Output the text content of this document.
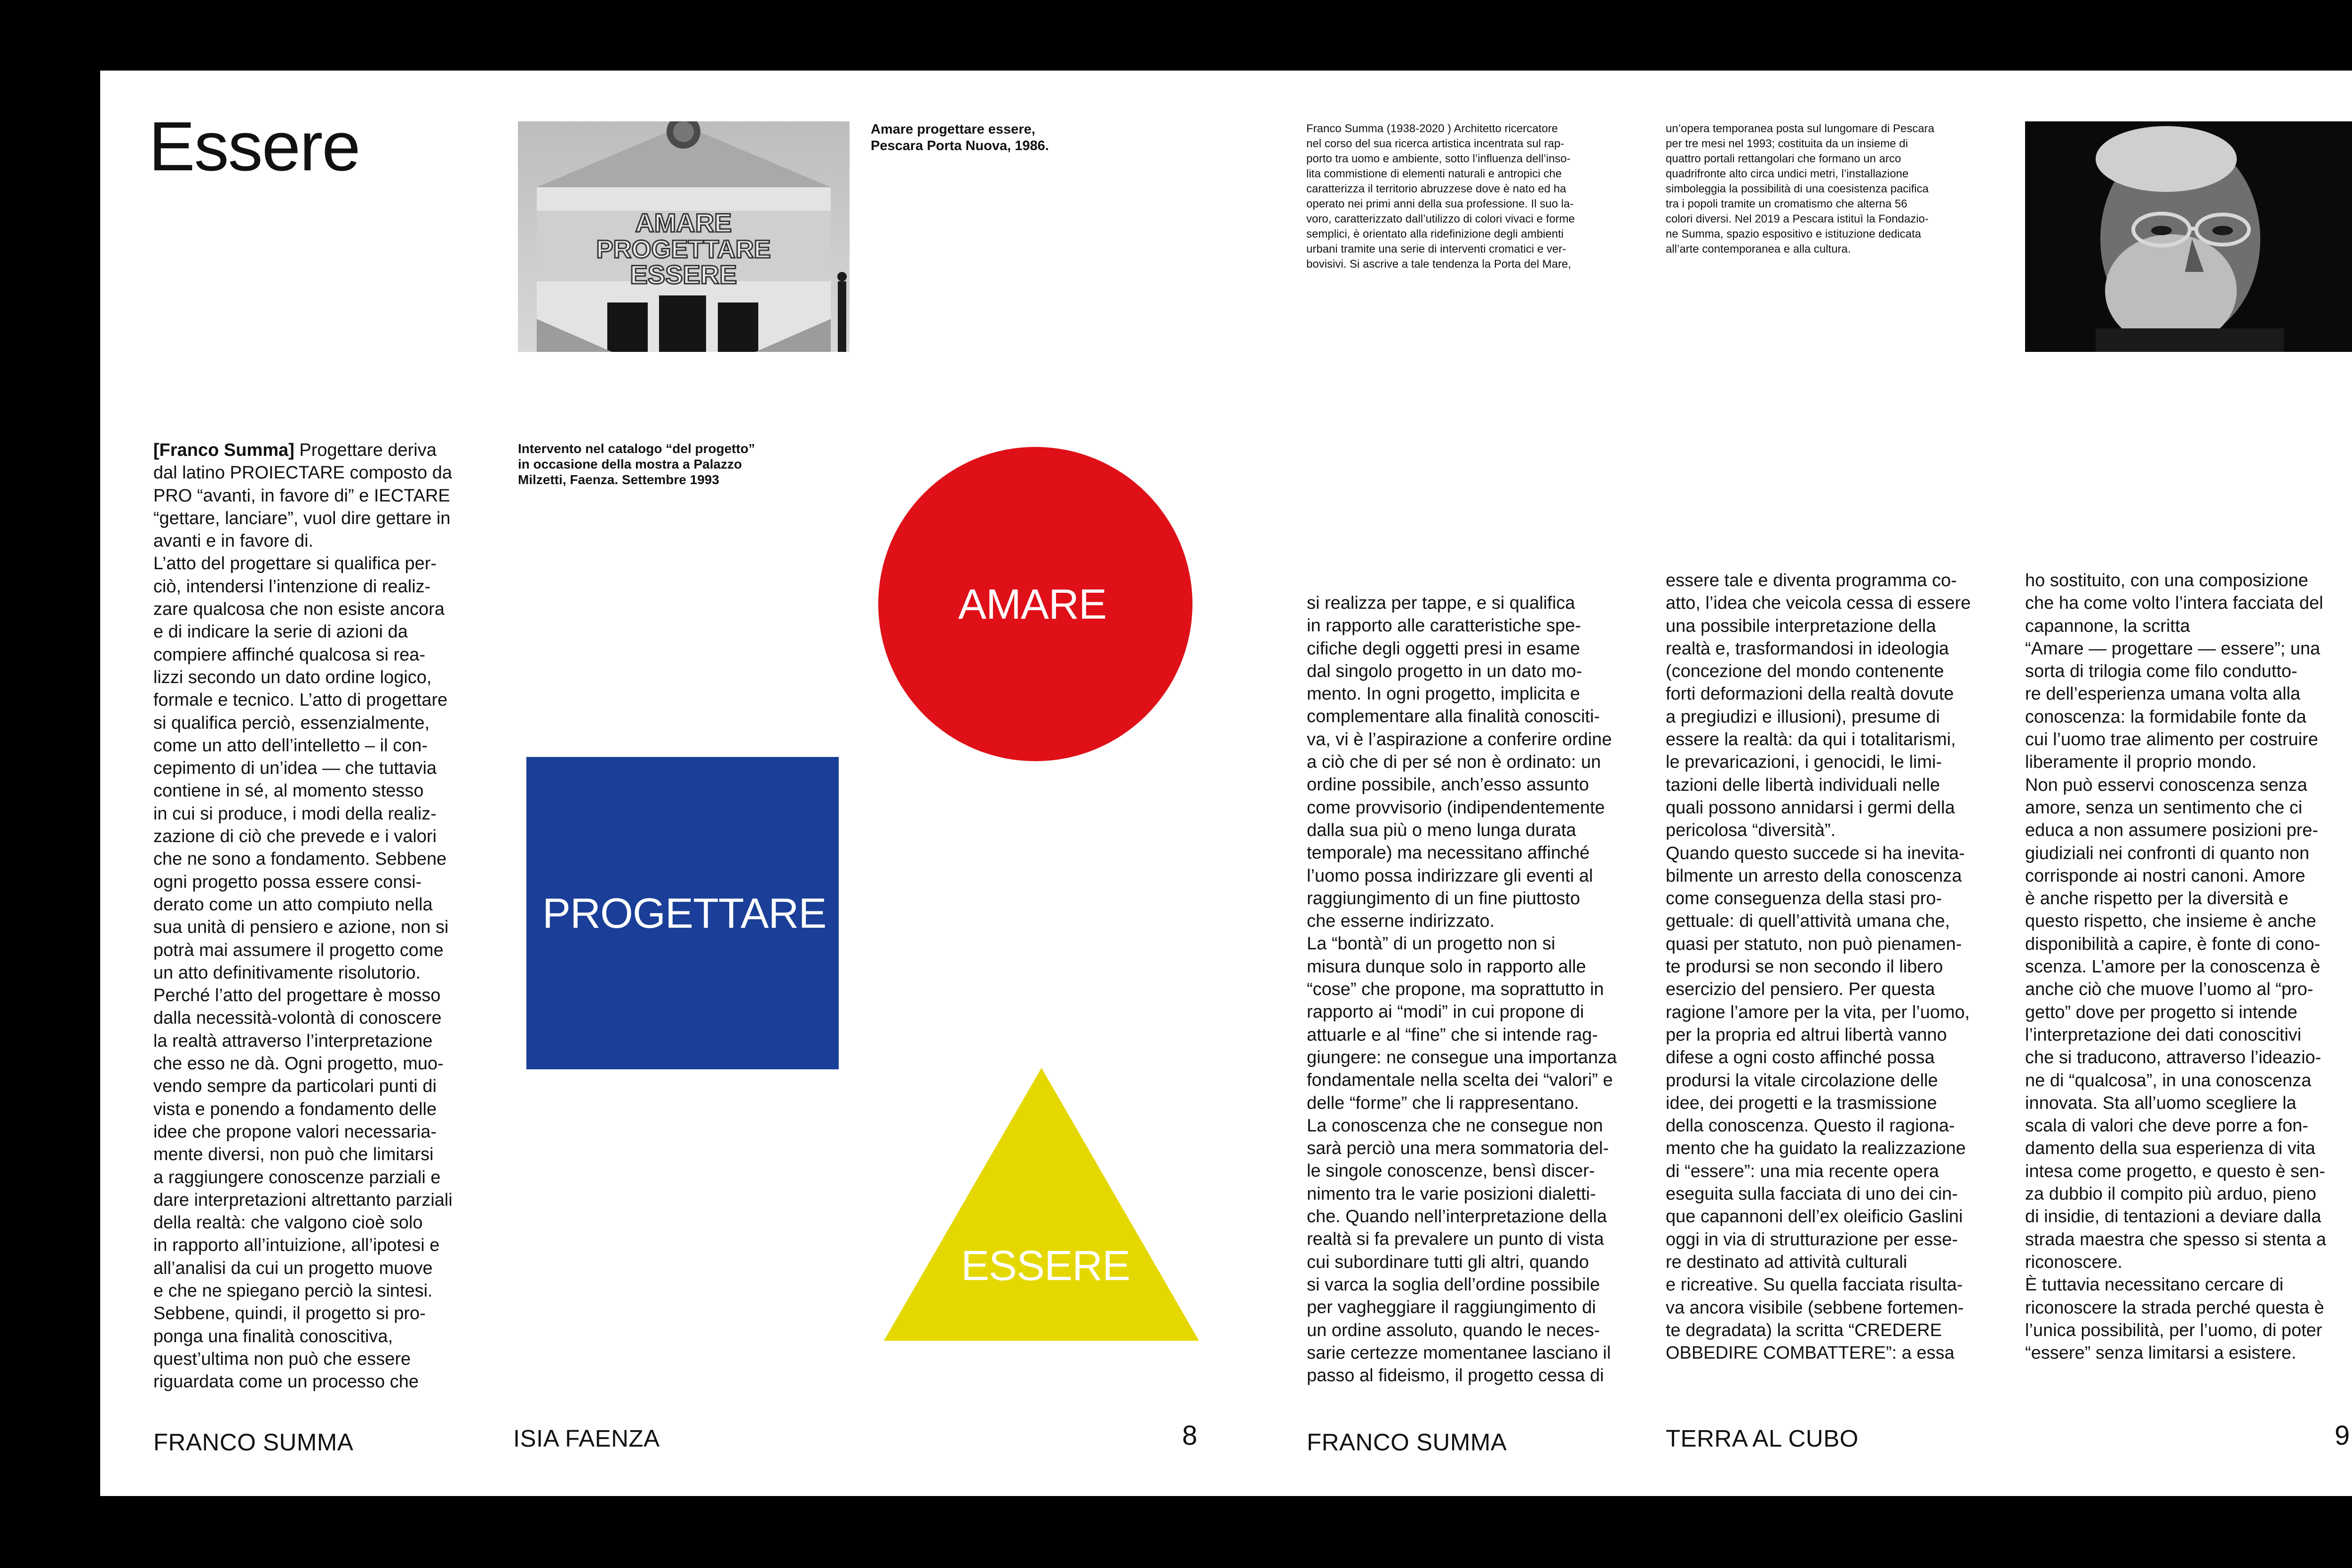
Essere
AMARE
PROGETTARE
ESSERE
Amare progettare essere,
Pescara Porta Nuova, 1986.
Intervento nel catalogo “del progetto”
in occasione della mostra a Palazzo
Milzetti, Faenza. Settembre 1993
[Franco Summa] Progettare deriva
dal latino PROIECTARE composto da
PRO “avanti, in favore di” e IECTARE
“gettare, lanciare”, vuol dire gettare in
avanti e in favore di.
L’atto del progettare si qualifica per-
ciò, intendersi l’intenzione di realiz-
zare qualcosa che non esiste ancora
e di indicare la serie di azioni da
compiere affinché qualcosa si rea-
lizzi secondo un dato ordine logico,
formale e tecnico. L’atto di progettare
si qualifica perciò, essenzialmente,
come un atto dell’intelletto – il con-
cepimento di un’idea — che tuttavia
contiene in sé, al momento stesso
in cui si produce, i modi della realiz-
zazione di ciò che prevede e i valori
che ne sono a fondamento. Sebbene
ogni progetto possa essere consi-
derato come un atto compiuto nella
sua unità di pensiero e azione, non si
potrà mai assumere il progetto come
un atto definitivamente risolutorio.
Perché l’atto del progettare è mosso
dalla necessità-volontà di conoscere
la realtà attraverso l’interpretazione
che esso ne dà. Ogni progetto, muo-
vendo sempre da particolari punti di
vista e ponendo a fondamento delle
idee che propone valori necessaria-
mente diversi, non può che limitarsi
a raggiungere conoscenze parziali e
dare interpretazioni altrettanto parziali
della realtà: che valgono cioè solo
in rapporto all’intuizione, all’ipotesi e
all’analisi da cui un progetto muove
e che ne spiegano perciò la sintesi.
Sebbene, quindi, il progetto si pro-
ponga una finalità conoscitiva,
quest’ultima non può che essere
riguardata come un processo che
AMARE
PROGETTARE
ESSERE
FRANCO SUMMA	ISIA FAENZA	8
Franco Summa (1938-2020 ) Architetto ricercatore
nel corso del sua ricerca artistica incentrata sul rap-
porto tra uomo e ambiente, sotto l’influenza dell’inso-
lita commistione di elementi naturali e antropici che
caratterizza il territorio abruzzese dove è nato ed ha
operato nei primi anni della sua professione. Il suo la-
voro, caratterizzato dall’utilizzo di colori vivaci e forme
semplici, è orientato alla ridefinizione degli ambienti
urbani tramite una serie di interventi cromatici e ver-
bovisivi. Si ascrive a tale tendenza la Porta del Mare,
un’opera temporanea posta sul lungomare di Pescara
per tre mesi nel 1993; costituita da un insieme di
quattro portali rettangolari che formano un arco
quadrifronte alto circa undici metri, l’installazione
simboleggia la possibilità di una coesistenza pacifica
tra i popoli tramite un cromatismo che alterna 56
colori diversi. Nel 2019 a Pescara istituì la Fondazio-
ne Summa, spazio espositivo e istituzione dedicata
all’arte contemporanea e alla cultura.
si realizza per tappe, e si qualifica
in rapporto alle caratteristiche spe-
cifiche degli oggetti presi in esame
dal singolo progetto in un dato mo-
mento. In ogni progetto, implicita e
complementare alla finalità conosciti-
va, vi è l’aspirazione a conferire ordine
a ciò che di per sé non è ordinato: un
ordine possibile, anch’esso assunto
come provvisorio (indipendentemente
dalla sua più o meno lunga durata
temporale) ma necessitano affinché
l’uomo possa indirizzare gli eventi al
raggiungimento di un fine piuttosto
che esserne indirizzato.
La “bontà” di un progetto non si
misura dunque solo in rapporto alle
“cose” che propone, ma soprattutto in
rapporto ai “modi” in cui propone di
attuarle e al “fine” che si intende rag-
giungere: ne consegue una importanza
fondamentale nella scelta dei “valori” e
delle “forme” che li rappresentano.
La conoscenza che ne consegue non
sarà perciò una mera sommatoria del-
le singole conoscenze, bensì discer-
nimento tra le varie posizioni dialetti-
che. Quando nell’interpretazione della
realtà si fa prevalere un punto di vista
cui subordinare tutti gli altri, quando
si varca la soglia dell’ordine possibile
per vagheggiare il raggiungimento di
un ordine assoluto, quando le neces-
sarie certezze momentanee lasciano il
passo al fideismo, il progetto cessa di
essere tale e diventa programma co-
atto, l’idea che veicola cessa di essere
una possibile interpretazione della
realtà e, trasformandosi in ideologia
(concezione del mondo contenente
forti deformazioni della realtà dovute
a pregiudizi e illusioni), presume di
essere la realtà: da qui i totalitarismi,
le prevaricazioni, i genocidi, le limi-
tazioni delle libertà individuali nelle
quali possono annidarsi i germi della
pericolosa “diversità”.
Quando questo succede si ha inevita-
bilmente un arresto della conoscenza
come conseguenza della stasi pro-
gettuale: di quell’attività umana che,
quasi per statuto, non può pienamen-
te prodursi se non secondo il libero
esercizio del pensiero. Per questa
ragione l’amore per la vita, per l’uomo,
per la propria ed altrui libertà vanno
difese a ogni costo affinché possa
prodursi la vitale circolazione delle
idee, dei progetti e la trasmissione
della conoscenza. Questo il ragiona-
mento che ha guidato la realizzazione
di “essere”: una mia recente opera
eseguita sulla facciata di uno dei cin-
que capannoni dell’ex oleificio Gaslini
oggi in via di strutturazione per esse-
re destinato ad attività culturali
e ricreative. Su quella facciata risulta-
va ancora visibile (sebbene fortemen-
te degradata) la scritta “CREDERE
OBBEDIRE COMBATTERE”: a essa
ho sostituito, con una composizione
che ha come volto l’intera facciata del
capannone, la scritta
“Amare — progettare — essere”; una
sorta di trilogia come filo condutto-
re dell’esperienza umana volta alla
conoscenza: la formidabile fonte da
cui l’uomo trae alimento per costruire
liberamente il proprio mondo.
Non può esservi conoscenza senza
amore, senza un sentimento che ci
educa a non assumere posizioni pre-
giudiziali nei confronti di quanto non
corrisponde ai nostri canoni. Amore
è anche rispetto per la diversità e
questo rispetto, che insieme è anche
disponibilità a capire, è fonte di cono-
scenza. L’amore per la conoscenza è
anche ciò che muove l’uomo al “pro-
getto” dove per progetto si intende
l’interpretazione dei dati conoscitivi
che si traducono, attraverso l’ideazio-
ne di “qualcosa”, in una conoscenza
innovata. Sta all’uomo scegliere la
scala di valori che deve porre a fon-
damento della sua esperienza di vita
intesa come progetto, e questo è sen-
za dubbio il compito più arduo, pieno
di insidie, di tentazioni a deviare dalla
strada maestra che spesso si stenta a
riconoscere.
È tuttavia necessitano cercare di
riconoscere la strada perché questa è
l’unica possibilità, per l’uomo, di poter
“essere” senza limitarsi a esistere.
FRANCO SUMMA	TERRA AL CUBO	9
